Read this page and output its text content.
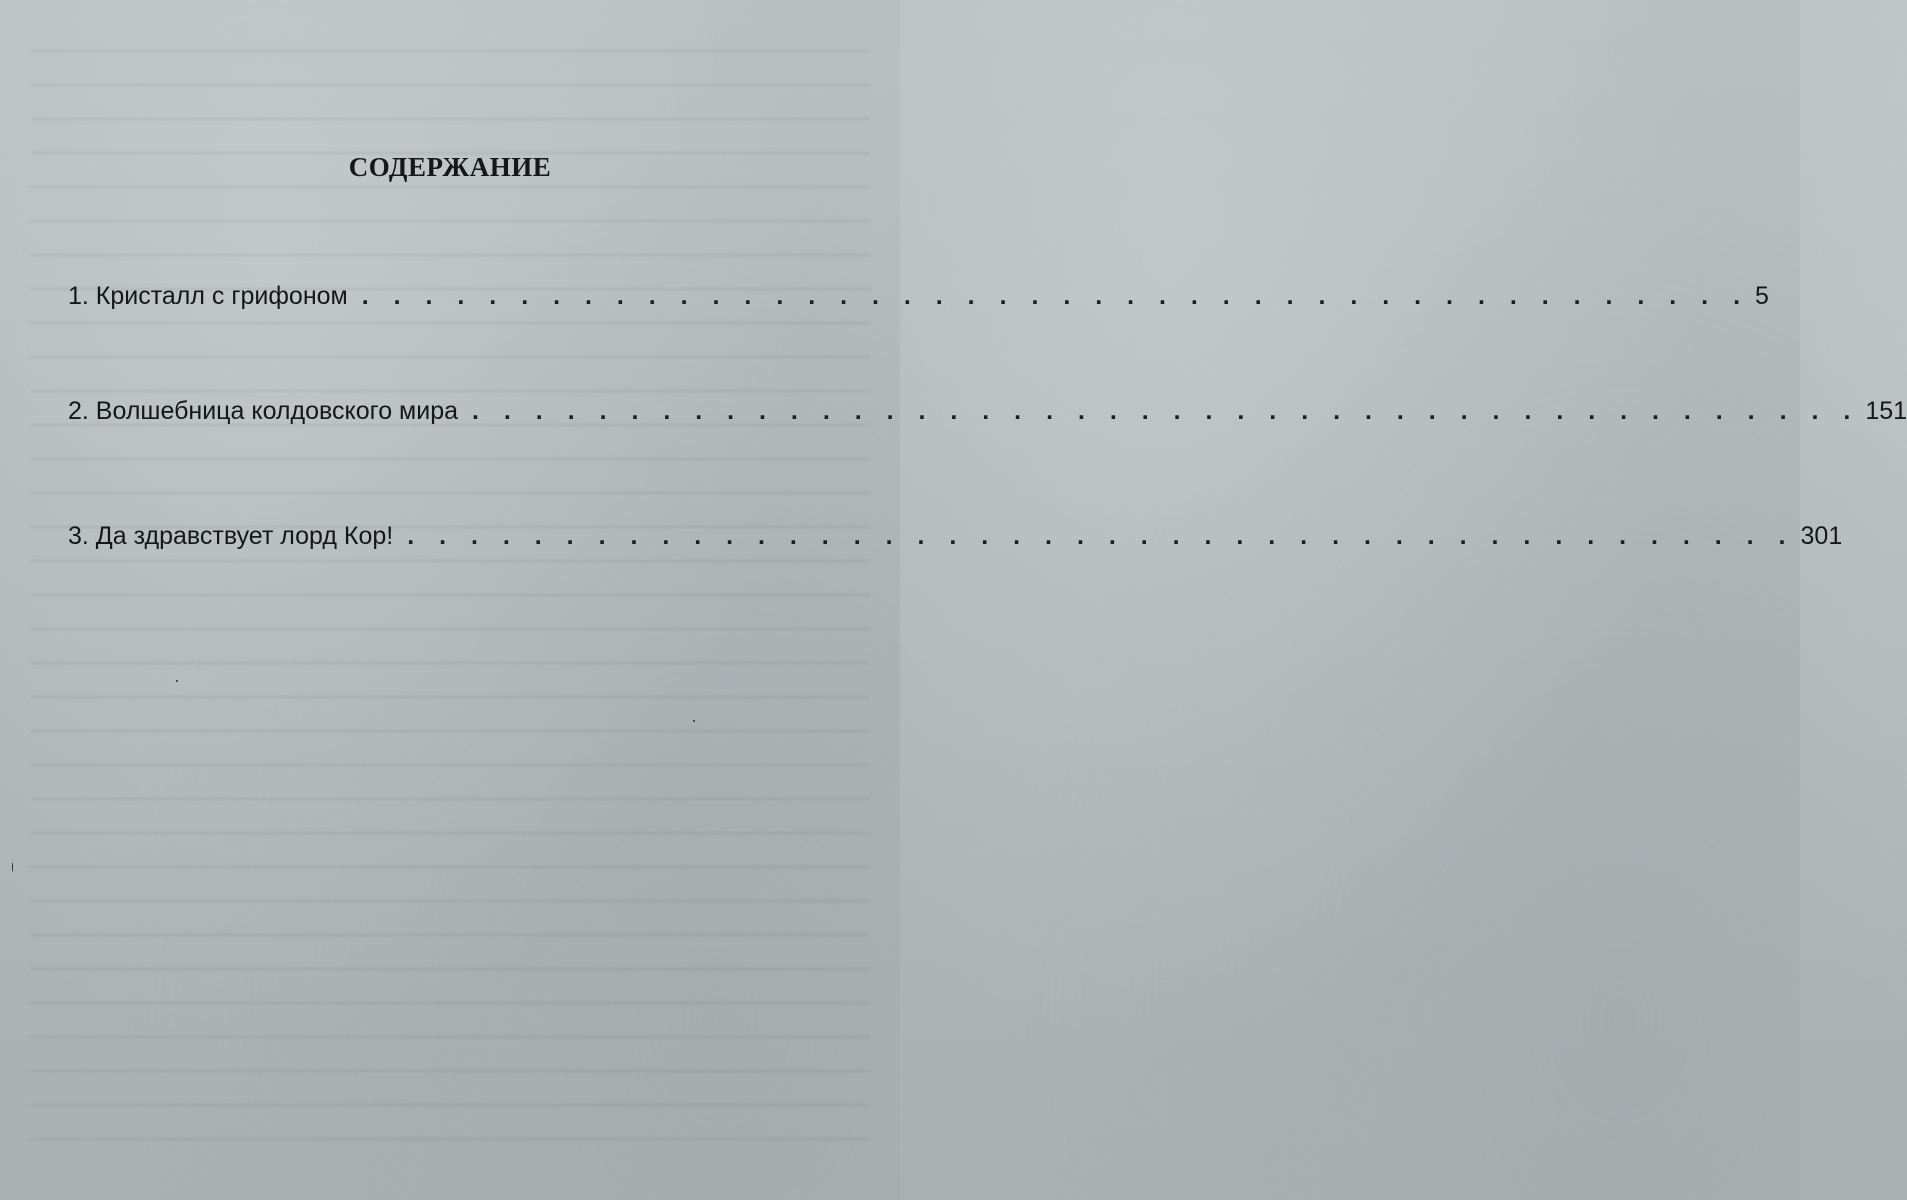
СОДЕРЖАНИЕ
1. Кристалл с грифоном . . . . . . . . . . . . . . . . . . . . . . . . . . . . . . . . . . . . . . . . . . . . 5
2. Волшебница колдовского мира . . . . . . . . . . . . . . . . . . . . . . . . . . . . . . . . . . . . . . . . . . . . 151
3. Да здравствует лорд Кор! . . . . . . . . . . . . . . . . . . . . . . . . . . . . . . . . . . . . . . . . . . . . 301
